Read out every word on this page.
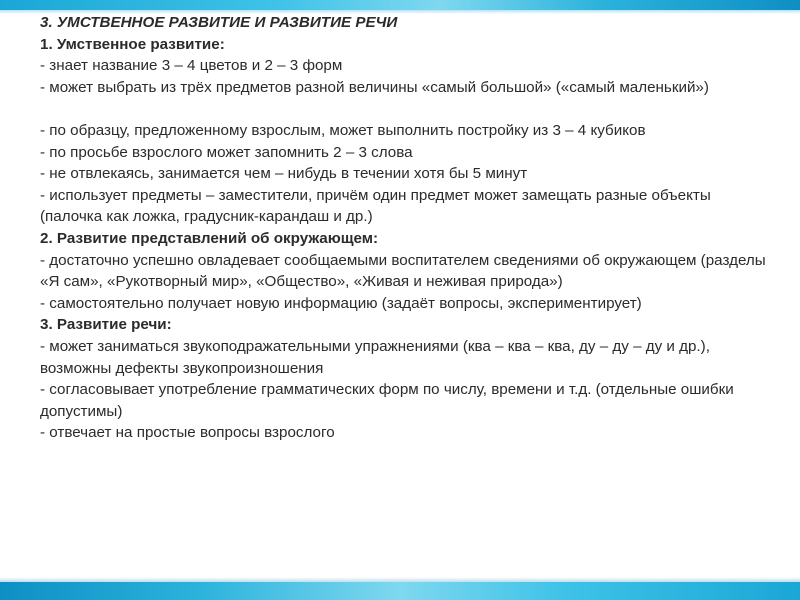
3. УМСТВЕННОЕ РАЗВИТИЕ И РАЗВИТИЕ РЕЧИ
1. Умственное развитие:
- знает название 3 – 4 цветов и 2 – 3 форм
- может выбрать из трёх предметов разной величины «самый большой» («самый маленький»)
- по образцу, предложенному взрослым, может выполнить постройку из 3 – 4 кубиков
- по просьбе взрослого может запомнить 2 – 3 слова
- не отвлекаясь, занимается чем – нибудь в течении хотя бы 5 минут
- использует предметы – заместители, причём один предмет может замещать разные объекты (палочка как ложка, градусник-карандаш и др.)
2. Развитие представлений об окружающем:
- достаточно успешно овладевает сообщаемыми воспитателем сведениями об окружающем (разделы «Я сам», «Рукотворный мир», «Общество», «Живая и неживая природа»)
- самостоятельно получает новую информацию (задаёт вопросы, экспериментирует)
3. Развитие речи:
- может заниматься звукоподражательными упражнениями (ква – ква – ква, ду – ду – ду и др.), возможны дефекты звукопроизношения
- согласовывает употребление грамматических форм по числу, времени и т.д. (отдельные ошибки допустимы)
- отвечает на простые вопросы взрослого
